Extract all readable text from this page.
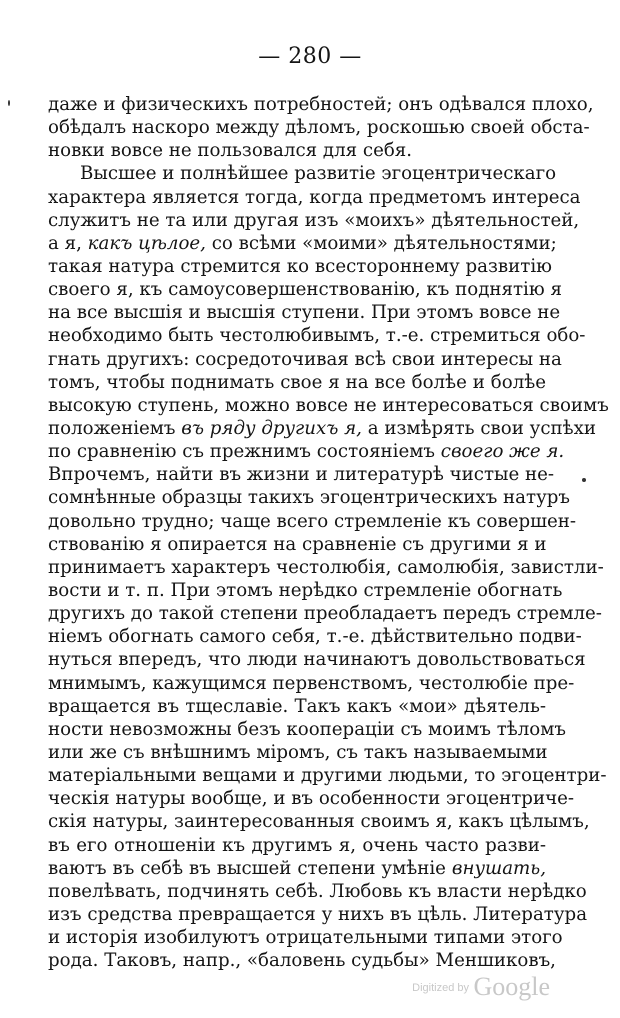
— 280 —
даже и физическихъ потребностей; онъ одѣвался плохо,
обѣдалъ наскоро между дѣломъ, роскошью своей обста-
новки вовсе не пользовался для себя.
Высшее и полнѣйшее развитіе эгоцентрическаго
характера является тогда, когда предметомъ интереса
служитъ не та или другая изъ «моихъ» дѣятельностей,
а я, какъ цѣлое, со всѣми «моими» дѣятельностями;
такая натура стремится ко всестороннему развитію
своего я, къ самоусовершенствованію, къ поднятію я
на все высшія и высшія ступени. При этомъ вовсе не
необходимо быть честолюбивымъ, т.-е. стремиться обо-
гнать другихъ: сосредоточивая всѣ свои интересы на
томъ, чтобы поднимать свое я на все болѣе и болѣе
высокую ступень, можно вовсе не интересоваться своимъ
положеніемъ въ ряду другихъ я, а измѣрять свои успѣхи
по сравненію съ прежнимъ состояніемъ своего же я.
Впрочемъ, найти въ жизни и литературѣ чистые не-
сомнѣнные образцы такихъ эгоцентрическихъ натуръ
довольно трудно; чаще всего стремленіе къ совершен-
ствованію я опирается на сравненіе съ другими я и
принимаетъ характеръ честолюбія, самолюбія, завистли-
вости и т. п. При этомъ нерѣдко стремленіе обогнать
другихъ до такой степени преобладаетъ передъ стремле-
ніемъ обогнать самого себя, т.-е. дѣйствительно подви-
нуться впередъ, что люди начинаютъ довольствоваться
мнимымъ, кажущимся первенствомъ, честолюбіе пре-
вращается въ тщеславіе. Такъ какъ «мои» дѣятель-
ности невозможны безъ коопераціи съ моимъ тѣломъ
или же съ внѣшнимъ міромъ, съ такъ называемыми
матеріальными вещами и другими людьми, то эгоцентри-
ческія натуры вообще, и въ особенности эгоцентриче-
скія натуры, заинтересованныя своимъ я, какъ цѣлымъ,
въ его отношеніи къ другимъ я, очень часто разви-
ваютъ въ себѣ въ высшей степени умѣніе внушать,
повелѣвать, подчинять себѣ. Любовь къ власти нерѣдко
изъ средства превращается у нихъ въ цѣль. Литература
и исторія изобилуютъ отрицательными типами этого
рода. Таковъ, напр., «баловень судьбы» Меншиковъ,
$^{Digitized by}$ Google
